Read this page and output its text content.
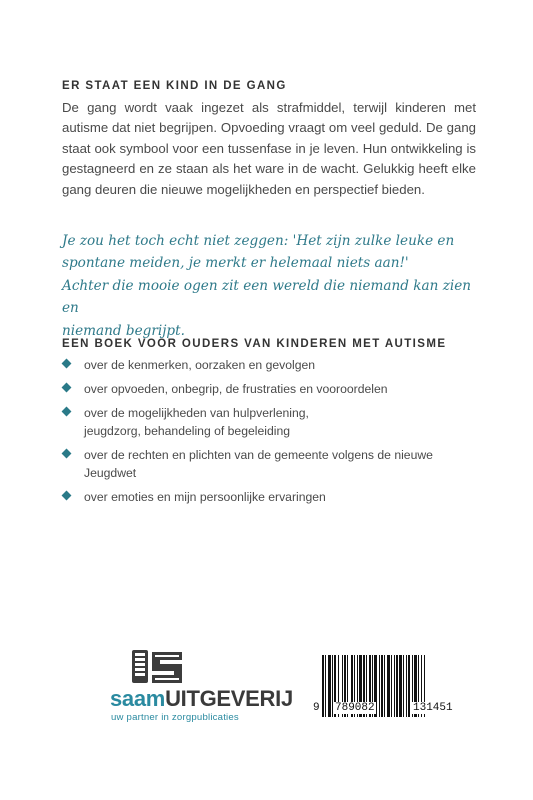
ER STAAT EEN KIND IN DE GANG
De gang wordt vaak ingezet als strafmiddel, terwijl kinderen met autisme dat niet begrijpen. Opvoeding vraagt om veel geduld. De gang staat ook symbool voor een tussenfase in je leven. Hun ontwikkeling is gestagneerd en ze staan als het ware in de wacht. Gelukkig heeft elke gang deuren die nieuwe mogelijkheden en perspectief bieden.
Je zou het toch echt niet zeggen: 'Het zijn zulke leuke en
spontane meiden, je merkt er helemaal niets aan!'
Achter die mooie ogen zit een wereld die niemand kan zien en
niemand begrijpt.
EEN BOEK VOOR OUDERS VAN KINDEREN MET AUTISME
over de kenmerken, oorzaken en gevolgen
over opvoeden, onbegrip, de frustraties en vooroordelen
over de mogelijkheden van hulpverlening, jeugdzorg, behandeling of begeleiding
over de rechten en plichten van de gemeente volgens de nieuwe Jeugdwet
over emoties en mijn persoonlijke ervaringen
saamUITGEVERIJ
uw partner in zorgpublicaties
9 789082	131451
